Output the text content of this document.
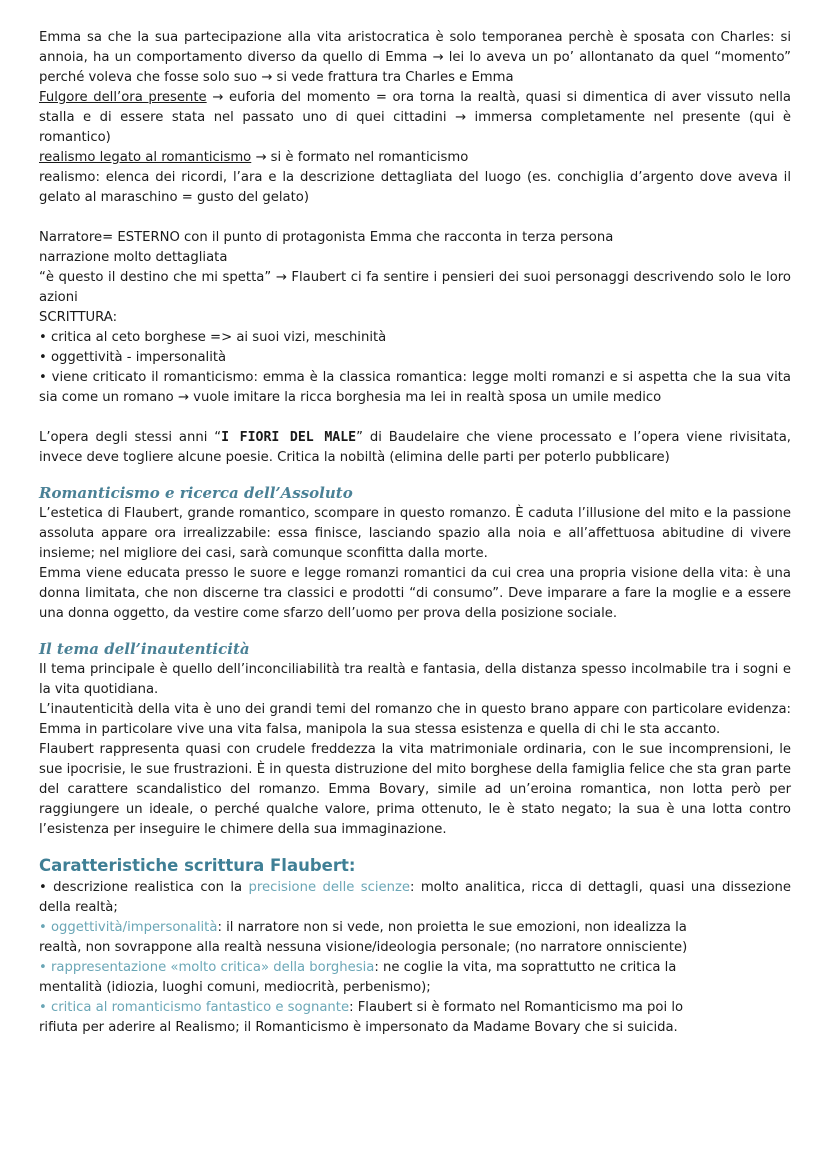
Emma sa che la sua partecipazione alla vita aristocratica è solo temporanea perchè è sposata con Charles: si annoia, ha un comportamento diverso da quello di Emma → lei lo aveva un po’ allontanato da quel “momento” perché voleva che fosse solo suo → si vede frattura tra Charles e Emma

Fulgore dell’ora presente → euforia del momento = ora torna la realtà, quasi si dimentica di aver vissuto nella stalla e di essere stata nel passato uno di quei cittadini → immersa completamente nel presente (qui è romantico)

realismo legato al romanticismo → si è formato nel romanticismo

realismo: elenca dei ricordi, l’ara e la descrizione dettagliata del luogo (es. conchiglia d’argento dove aveva il gelato al maraschino = gusto del gelato)

Narratore= ESTERNO con il punto di protagonista Emma che racconta in terza persona

narrazione molto dettagliata

“è questo il destino che mi spetta” → Flaubert ci fa sentire i pensieri dei suoi personaggi descrivendo solo le loro azioni

SCRITTURA:

• critica al ceto borghese => ai suoi vizi, meschinità

• oggettività - impersonalità

• viene criticato il romanticismo: emma è la classica romantica: legge molti romanzi e si aspetta che la sua vita sia come un romano → vuole imitare la ricca borghesia ma lei in realtà sposa un umile medico

L’opera degli stessi anni “I FIORI DEL MALE” di Baudelaire che viene processato e l’opera viene rivisitata, invece deve togliere alcune poesie. Critica la nobiltà (elimina delle parti per poterlo pubblicare)

Romanticismo e ricerca dell’Assoluto

L’estetica di Flaubert, grande romantico, scompare in questo romanzo. È caduta l’illusione del mito e la passione assoluta appare ora irrealizzabile: essa finisce, lasciando spazio alla noia e all’affettuosa abitudine di vivere insieme; nel migliore dei casi, sarà comunque sconfitta dalla morte.

Emma viene educata presso le suore e legge romanzi romantici da cui crea una propria visione della vita: è una donna limitata, che non discerne tra classici e prodotti “di consumo”. Deve imparare a fare la moglie e a essere una donna oggetto, da vestire come sfarzo dell’uomo per prova della posizione sociale.

Il tema dell’inautenticità

Il tema principale è quello dell’inconciliabilità tra realtà e fantasia, della distanza spesso incolmabile tra i sogni e la vita quotidiana.

L’inautenticità della vita è uno dei grandi temi del romanzo che in questo brano appare con particolare evidenza: Emma in particolare vive una vita falsa, manipola la sua stessa esistenza e quella di chi le sta accanto.

Flaubert rappresenta quasi con crudele freddezza la vita matrimoniale ordinaria, con le sue incomprensioni, le sue ipocrisie, le sue frustrazioni. È in questa distruzione del mito borghese della famiglia felice che sta gran parte del carattere scandalistico del romanzo. Emma Bovary, simile ad un’eroina romantica, non lotta però per raggiungere un ideale, o perché qualche valore, prima ottenuto, le è stato negato; la sua è una lotta contro l’esistenza per inseguire le chimere della sua immaginazione.

Caratteristiche scrittura Flaubert:

• descrizione realistica con la precisione delle scienze: molto analitica, ricca di dettagli, quasi una dissezione della realtà;

• oggettività/impersonalità: il narratore non si vede, non proietta le sue emozioni, non idealizza la

realtà, non sovrappone alla realtà nessuna visione/ideologia personale; (no narratore onnisciente)

• rappresentazione «molto critica» della borghesia: ne coglie la vita, ma soprattutto ne critica la

mentalità (idiozia, luoghi comuni, mediocrità, perbenismo);

• critica al romanticismo fantastico e sognante: Flaubert si è formato nel Romanticismo ma poi lo

rifiuta per aderire al Realismo; il Romanticismo è impersonato da Madame Bovary che si suicida.
